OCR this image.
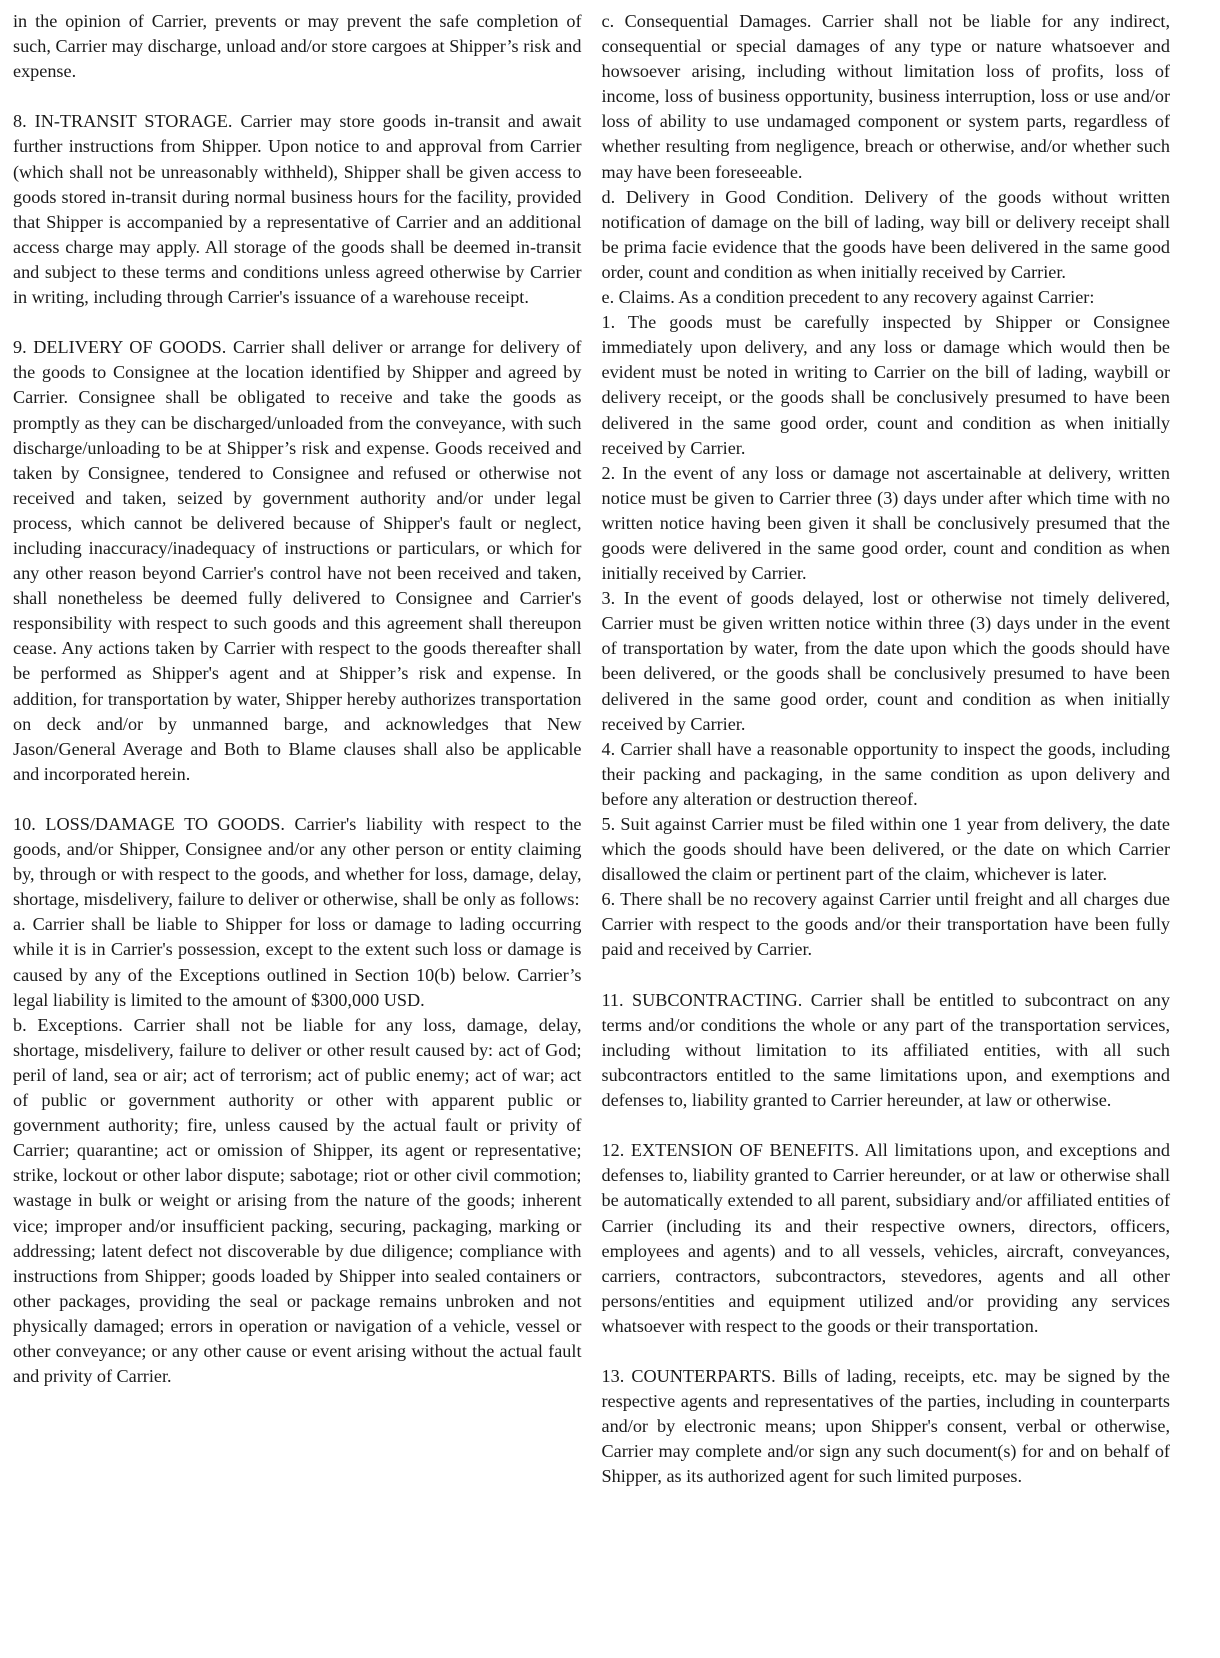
in the opinion of Carrier, prevents or may prevent the safe completion of such, Carrier may discharge, unload and/or store cargoes at Shipper’s risk and expense.

8. IN-TRANSIT STORAGE. Carrier may store goods in-transit and await further instructions from Shipper. Upon notice to and approval from Carrier (which shall not be unreasonably withheld), Shipper shall be given access to goods stored in-transit during normal business hours for the facility, provided that Shipper is accompanied by a representative of Carrier and an additional access charge may apply. All storage of the goods shall be deemed in-transit and subject to these terms and conditions unless agreed otherwise by Carrier in writing, including through Carrier's issuance of a warehouse receipt.

9. DELIVERY OF GOODS. Carrier shall deliver or arrange for delivery of the goods to Consignee at the location identified by Shipper and agreed by Carrier. Consignee shall be obligated to receive and take the goods as promptly as they can be discharged/unloaded from the conveyance, with such discharge/unloading to be at Shipper’s risk and expense. Goods received and taken by Consignee, tendered to Consignee and refused or otherwise not received and taken, seized by government authority and/or under legal process, which cannot be delivered because of Shipper's fault or neglect, including inaccuracy/inadequacy of instructions or particulars, or which for any other reason beyond Carrier's control have not been received and taken, shall nonetheless be deemed fully delivered to Consignee and Carrier's responsibility with respect to such goods and this agreement shall thereupon cease. Any actions taken by Carrier with respect to the goods thereafter shall be performed as Shipper's agent and at Shipper’s risk and expense. In addition, for transportation by water, Shipper hereby authorizes transportation on deck and/or by unmanned barge, and acknowledges that New Jason/General Average and Both to Blame clauses shall also be applicable and incorporated herein.

10. LOSS/DAMAGE TO GOODS. Carrier's liability with respect to the goods, and/or Shipper, Consignee and/or any other person or entity claiming by, through or with respect to the goods, and whether for loss, damage, delay, shortage, misdelivery, failure to deliver or otherwise, shall be only as follows:

a. Carrier shall be liable to Shipper for loss or damage to lading occurring while it is in Carrier's possession, except to the extent such loss or damage is caused by any of the Exceptions outlined in Section 10(b) below. Carrier’s legal liability is limited to the amount of $300,000 USD.

b. Exceptions. Carrier shall not be liable for any loss, damage, delay, shortage, misdelivery, failure to deliver or other result caused by: act of God; peril of land, sea or air; act of terrorism; act of public enemy; act of war; act of public or government authority or other with apparent public or government authority; fire, unless caused by the actual fault or privity of Carrier; quarantine; act or omission of Shipper, its agent or representative; strike, lockout or other labor dispute; sabotage; riot or other civil commotion; wastage in bulk or weight or arising from the nature of the goods; inherent vice; improper and/or insufficient packing, securing, packaging, marking or addressing; latent defect not discoverable by due diligence; compliance with instructions from Shipper; goods loaded by Shipper into sealed containers or other packages, providing the seal or package remains unbroken and not physically damaged; errors in operation or navigation of a vehicle, vessel or other conveyance; or any other cause or event arising without the actual fault and privity of Carrier.

c. Consequential Damages. Carrier shall not be liable for any indirect, consequential or special damages of any type or nature whatsoever and howsoever arising, including without limitation loss of profits, loss of income, loss of business opportunity, business interruption, loss or use and/or loss of ability to use undamaged component or system parts, regardless of whether resulting from negligence, breach or otherwise, and/or whether such may have been foreseeable.

d. Delivery in Good Condition. Delivery of the goods without written notification of damage on the bill of lading, way bill or delivery receipt shall be prima facie evidence that the goods have been delivered in the same good order, count and condition as when initially received by Carrier.

e. Claims. As a condition precedent to any recovery against Carrier:

1. The goods must be carefully inspected by Shipper or Consignee immediately upon delivery, and any loss or damage which would then be evident must be noted in writing to Carrier on the bill of lading, waybill or delivery receipt, or the goods shall be conclusively presumed to have been delivered in the same good order, count and condition as when initially received by Carrier.

2. In the event of any loss or damage not ascertainable at delivery, written notice must be given to Carrier three (3) days under after which time with no written notice having been given it shall be conclusively presumed that the goods were delivered in the same good order, count and condition as when initially received by Carrier.

3. In the event of goods delayed, lost or otherwise not timely delivered, Carrier must be given written notice within three (3) days under in the event of transportation by water, from the date upon which the goods should have been delivered, or the goods shall be conclusively presumed to have been delivered in the same good order, count and condition as when initially received by Carrier.

4. Carrier shall have a reasonable opportunity to inspect the goods, including their packing and packaging, in the same condition as upon delivery and before any alteration or destruction thereof.

5. Suit against Carrier must be filed within one 1 year from delivery, the date which the goods should have been delivered, or the date on which Carrier disallowed the claim or pertinent part of the claim, whichever is later.

6. There shall be no recovery against Carrier until freight and all charges due Carrier with respect to the goods and/or their transportation have been fully paid and received by Carrier.

11. SUBCONTRACTING. Carrier shall be entitled to subcontract on any terms and/or conditions the whole or any part of the transportation services, including without limitation to its affiliated entities, with all such subcontractors entitled to the same limitations upon, and exemptions and defenses to, liability granted to Carrier hereunder, at law or otherwise.

12. EXTENSION OF BENEFITS. All limitations upon, and exceptions and defenses to, liability granted to Carrier hereunder, or at law or otherwise shall be automatically extended to all parent, subsidiary and/or affiliated entities of Carrier (including its and their respective owners, directors, officers, employees and agents) and to all vessels, vehicles, aircraft, conveyances, carriers, contractors, subcontractors, stevedores, agents and all other persons/entities and equipment utilized and/or providing any services whatsoever with respect to the goods or their transportation.

13. COUNTERPARTS. Bills of lading, receipts, etc. may be signed by the respective agents and representatives of the parties, including in counterparts and/or by electronic means; upon Shipper's consent, verbal or otherwise, Carrier may complete and/or sign any such document(s) for and on behalf of Shipper, as its authorized agent for such limited purposes.
